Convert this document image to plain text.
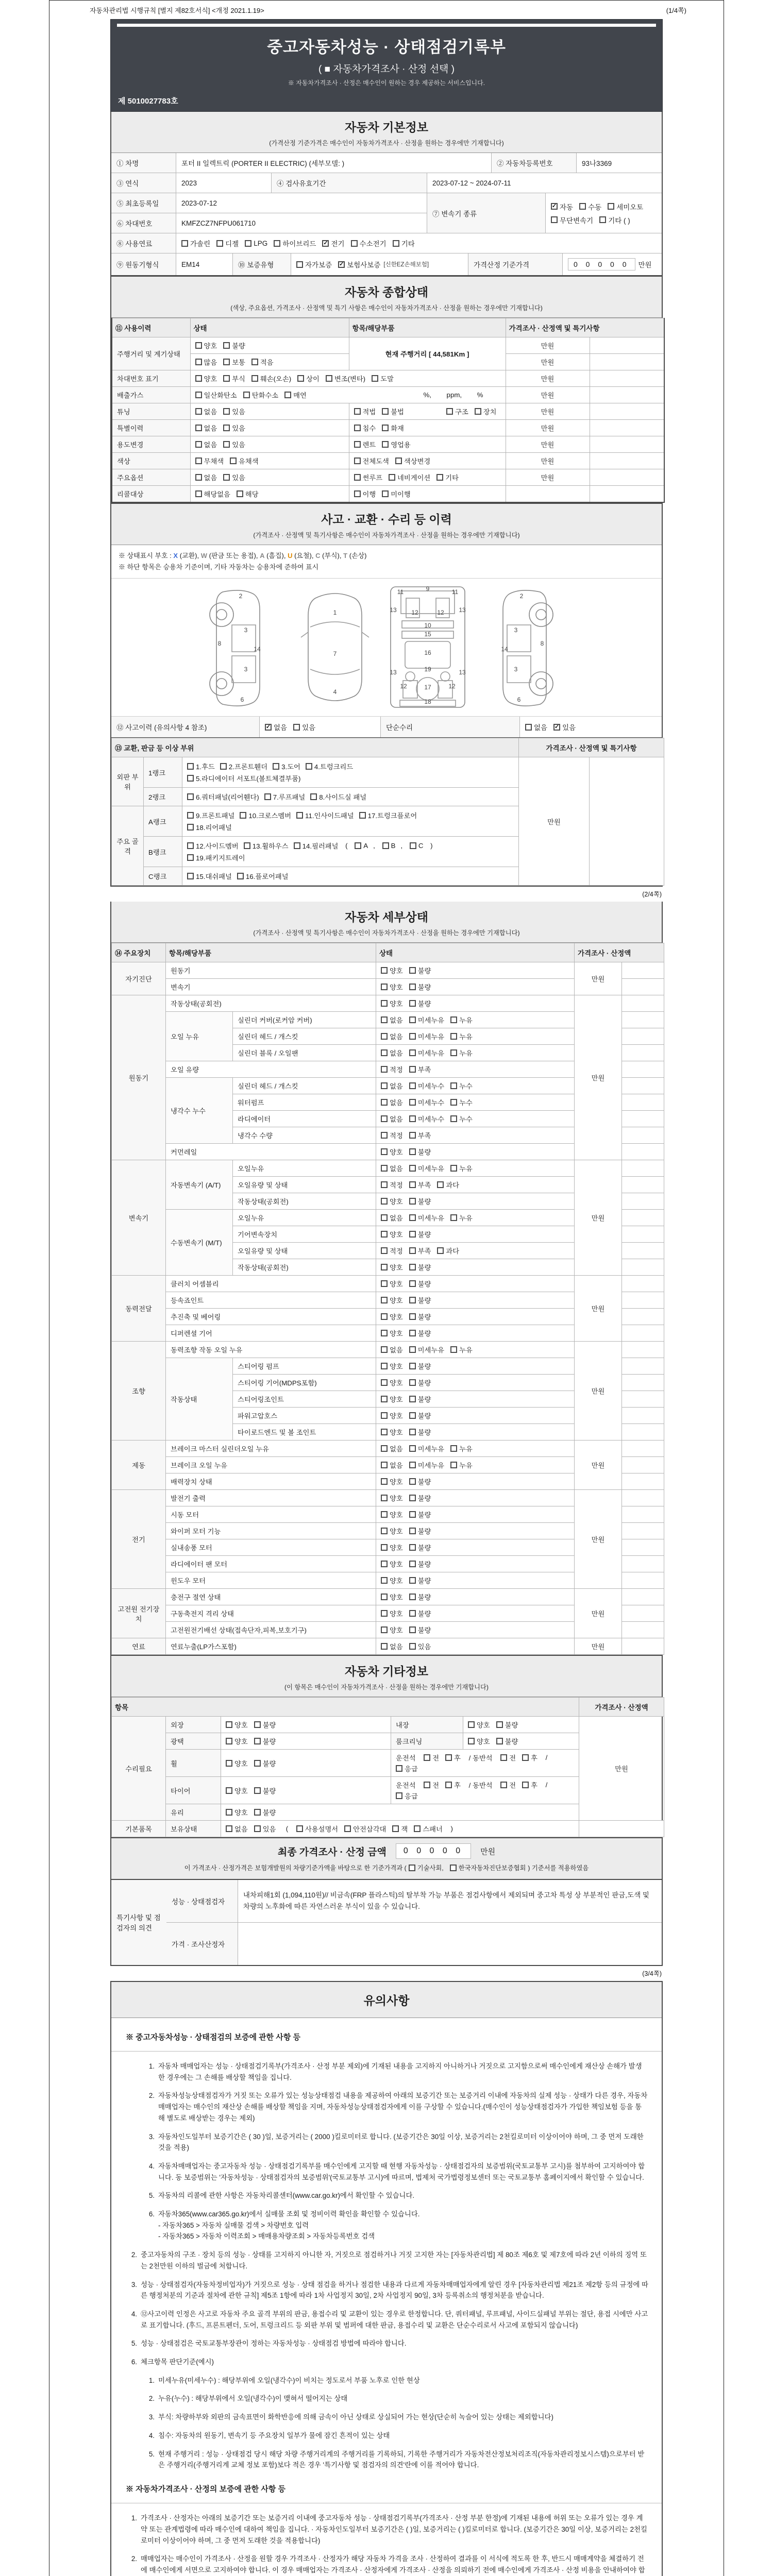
자동차관리법 시행규칙 [별지 제82호서식] <개정 2021.1.19>	(1/4쪽)
중고자동차성능 · 상태점검기록부
( ■ 자동차가격조사 · 산정 선택 )
※ 자동차가격조사 · 산정은 매수인이 원하는 경우 제공하는 서비스입니다.
제 5010027783호
자동차 기본정보
(가격산정 기준가격은 매수인이 자동차가격조사 · 산정을 원하는 경우에만 기재합니다)
① 차명	포터 II 일렉트릭 (PORTER II ELECTRIC) (세부모델: )	② 자동차등록번호	93나3369
③ 연식	2023	④ 검사유효기간	2023-07-12 ~ 2024-07-11
⑤ 최초등록일	2023-07-12
⑥ 차대번호	KMFZCZ7NFPU061710
⑦ 변속기 종류
✓ 자동 수동 세미오토
무단변속기 기타 ( )
⑧ 사용연료	가솔린 디젤 LPG 하이브리드 ✓ 전기 수소전기 기타
⑨ 원동기형식	EM14	⑩ 보증유형	자가보증 ✓ 보험사보증 [신한EZ손해보험]	가격산정 기준가격	0 0 0 0 0	만원
자동차 종합상태
(색상, 주요옵션, 가격조사 · 산정액 및 특기 사항은 매수인이 자동차가격조사 · 산정을 원하는 경우에만 기재합니다)
⑪ 사용이력	상태	항목/해당부품	가격조사 · 산정액 및 특기사항	
주행거리 및 계기상태	양호 불량	현재 주행거리 [ 44,581Km ]	만원	

	많음 보통 적음		만원	
차대번호 표기	양호 부식 훼손(오손) 상이 변조(변타) 도말	만원	
배출가스	일산화탄소 탄화수소 매연 %,        ppm,        %		만원	
튜닝	없음 있음	적법 불법 구조 장치	만원	
특별이력	없음 있음	침수 화재	만원	
용도변경	없음 있음	렌트 영업용	만원	
색상	무채색 유채색	전체도색 색상변경	만원	
주요옵션	없음 있음	썬루프 네비게이션 기타	만원	
리콜대상	해당없음 해당	이행 미이행		

사고 · 교환 · 수리 등 이력
(가격조사 · 산정액 및 특기사항은 매수인이 자동차가격조사 · 산정을 원하는 경우에만 기재합니다)
※ 상태표시 부호 : X (교환), W (판금 또는 용접), A (흠집), U (요철), C (부식), T (손상)
※ 하단 항목은 승용차 기준이며, 기타 자동차는 승용차에 준하여 표시
2
8
3
14
3
6
1
7
4
11	9	11
13 12	12 13
10
15
16
19
13	13
12	17	12
18
2
3
8
14
3
6
⑫ 사고이력 (유의사항 4 참조)	✓ 없음 있음	단순수리	없음 ✓ 있음
⑬ 교환, 판금 등 이상 부위			가격조사 · 산정액 및 특기사항	
외판 부위	1랭크	1.후드 2.프론트휀더 3.도어 4.트렁크리드
5.라디에이터 서포트(볼트체결부품)	만원	
	2랭크	6.쿼터패널(리어휀다) 7.루프패널 8.사이드실 패널		

주요 골격	A랭크	9.프론트패널 10.크로스멤버 11.인사이드패널 17.트렁크플로어
18.리어패널		

B랭크	
12.사이드멤버 13.휠하우스 14.필러패널 ( A , B , C )
19.패키지트레이

	C랭크	15.대쉬패널 16.플로어패널		
(2/4쪽)
자동차 세부상태
(가격조사 · 산정액 및 특기사항은 매수인이 자동차가격조사 · 산정을 원하는 경우에만 기재합니다)
⑭ 주요장치	항목/해당부품		상태	가격조사 · 산정액	
자기진단	원동기		양호 불량	만원	
	변속기		양호 불량		

원동기	작동상태(공회전)		양호 불량	만원	
	오일 누유	실린더 커버(로커암 커버)	없음 미세누유 누유		

		실린더 헤드 / 개스킷	없음 미세누유 누유		

		실린더 블록 / 오일팬	없음 미세누유 누유		

	오일 유량		적정 부족		

	냉각수 누수	실린더 헤드 / 개스킷	없음 미세누수 누수		

		워터펌프	없음 미세누수 누수		

		라디에이터	없음 미세누수 누수		

		냉각수 수량	적정 부족		

	커먼레일		양호 불량		

변속기	자동변속기 (A/T)	오일누유	없음 미세누유 누유	만원	
		오일유량 및 상태	적정 부족 과다		

		작동상태(공회전)	양호 불량		

	수동변속기 (M/T)	오일누유	없음 미세누유 누유		

		기어변속장치	양호 불량		

		오일유량 및 상태	적정 부족 과다		

		작동상태(공회전)	양호 불량		

동력전달	클러치 어셈블리		양호 불량	만원	
	등속죠인트		양호 불량		

	추진축 및 베어링		양호 불량		

	디퍼렌셜 기어		양호 불량		

조향	동력조향 작동 오일 누유		없음 미세누유 누유	만원	
	작동상태	스티어링 펌프	양호 불량		

		스티어링 기어(MDPS포함)	양호 불량		

		스티어링조인트	양호 불량		

		파워고압호스	양호 불량		

		타이로드엔드 및 볼 조인트	양호 불량		

제동	브레이크 마스터 실린더오일 누유		없음 미세누유 누유	만원	
	브레이크 오일 누유		없음 미세누유 누유		

	배력장치 상태		양호 불량		

전기	발전기 출력		양호 불량	만원	
	시동 모터		양호 불량		

	와이퍼 모터 기능		양호 불량		

	실내송풍 모터		양호 불량		

	라디에이터 팬 모터		양호 불량		

	윈도우 모터		양호 불량		

고전원 전기장치	충전구 절연 상태		양호 불량	만원	
	구동축전지 격리 상태		양호 불량		

	고전원전기배선 상태(접속단자,피복,보호기구)		양호 불량		

연료	연료누출(LP가스포함)		없음 있음	만원	
자동차 기타정보
(이 항목은 매수인이 자동차가격조사 · 산정을 원하는 경우에만 기재합니다)
항목					가격조사 · 산정액
수리필요	외장	양호 불량	내장	양호 불량	만원
	광택	양호 불량	룸크리닝	양호 불량	

휠	양호 불량

운전석 전 후 / 동반석 전 후 /
응급

타이어	양호 불량

운전석 전 후 / 동반석 전 후 /
응급

	유리	양호 불량			

기본품목	보유상태	없음 있음 ( 사용설명서 안전삼각대 잭 스패너 )

최종 가격조사 · 산정 금액	0 0 0 0 0	만원
이 가격조사 · 산정가격은 보험개발원의 차량기준가액을 바탕으로 한 기준가격과 ( 기술사회, 한국자동차진단보증협회 ) 기준서를 적용하였음
특기사항 및 점검자의 의견
성능 · 상태점검자
내차피해1회 (1,094,110원)// 비금속(FRP 플라스틱)의 탈부착 가능 부품은 점검사항에서 제외되며 중고차 특성 상 부분적인 판금,도색 및 차량의 노후화에 따른 자연스러운 부식이 있을 수 있습니다.
가격 · 조사산정자
(3/4쪽)
유의사항
※ 중고자동차성능 · 상태점검의 보증에 관한 사항 등
1. 자동차 매매업자는 성능 · 상태점검기록부(가격조사 · 산정 부분 제외)에 기재된 내용을 고지하지 아니하거나 거짓으로 고지함으로써 매수인에게 재산상 손해가 발생한 경우에는 그 손해를 배상할 책임을 집니다.
2. 자동차성능상태점검자가 거짓 또는 오류가 있는 성능상태점검 내용을 제공하여 아래의 보증기간 또는 보증거리 이내에 자동차의 실제 성능 · 상태가 다른 경우, 자동차매매업자는 매수인의 재산상 손해를 배상할 책임을 지며, 자동차성능상태점검자에게 이를 구상할 수 있습니다.(매수인이 성능상태점검자가 가입한 책임보험 등을 통해 별도로 배상받는 경우는 제외)
3. 자동차인도일부터 보증기간은 ( 30 )일, 보증거리는 ( 2000 )킬로미터로 합니다. (보증기간은 30일 이상, 보증거리는 2천킬로미터 이상이어야 하며, 그 중 먼저 도래한 것을 적용)
4. 자동차매매업자는 중고자동차 성능 · 상태점검기록부를 매수인에게 고지할 때 현행 자동차성능 · 상태점검자의 보증범위(국토교통부 고시)를 첨부하여 고지하여야 합니다. 동 보증범위는 '자동차성능 · 상태점검자의 보증범위'(국토교통부 고시)에 따르며, 법제처 국가법령정보센터 또는 국토교통부 홈페이지에서 확인할 수 있습니다.
5. 자동차의 리콜에 관한 사항은 자동차리콜센터(www.car.go.kr)에서 확인할 수 있습니다.
6. 자동차365(www.car365.go.kr)에서 실매물 조회 및 정비이력 확인을 확인할 수 있습니다.
- 자동차365 > 자동차 실매물 검색 > 차량번호 입력
- 자동차365 > 자동차 이력조회 > 매매용차량조회 > 자동차등록번호 검색
2. 중고자동차의 구조 · 장치 등의 성능 · 상태를 고지하지 아니한 자, 거짓으로 점검하거나 거짓 고지한 자는 [자동차관리법] 제 80조 제6호 및 제7호에 따라 2년 이하의 징역 또는 2천만원 이하의 벌금에 처합니다.
3. 성능 · 상태점검자(자동차정비업자)가 거짓으로 성능 · 상태 점검을 하거나 점검한 내용과 다르게 자동차매매업자에게 알린 경우 [자동차관리법 제21조 제2항 등의 규정에 따른 행정처분의 기준과 절차에 관한 규칙] 제5조 1항에 따라 1차 사업정지 30일, 2차 사업정지 90일, 3차 등록취소의 행정처분을 받습니다.
4. ⑫사고이력 인정은 사고로 자동차 주요 골격 부위의 판금, 용접수리 및 교환이 있는 경우로 한정합니다. 단, 쿼터패널, 루프패널, 사이드실패널 부위는 절단, 용접 시에만 사고로 표기합니다. (후드, 프론트펜더, 도어, 트렁크리드 등 외판 부위 및 범퍼에 대한 판금, 용접수리 및 교환은 단순수리로서 사고에 포함되지 않습니다)
5. 성능 · 상태점검은 국토교통부장관이 정하는 자동차성능 · 상태점검 방법에 따라야 합니다.
6. 체크항목 판단기준(예시)
1. 미세누유(미세누수) : 해당부위에 오일(냉각수)이 비치는 정도로서 부품 노후로 인한 현상
2. 누유(누수) : 해당부위에서 오일(냉각수)이 맺혀서 떨어지는 상태
3. 부식: 차량하부와 외판의 금속표면이 화학반응에 의해 금속이 아닌 상태로 상실되어 가는 현상(단순히 녹슬어 있는 상태는 제외합니다)
4. 침수: 자동차의 원동기, 변속기 등 주요장치 일부가 물에 잠긴 흔적이 있는 상태
5. 현재 주행거리 : 성능 · 상태점검 당시 해당 차량 주행거리계의 주행거리를 기록하되, 기록한 주행거리가 자동차전산정보처리조직(자동차관리정보시스템)으로부터 받은 주행거리(주행거리계 교체 정보 포함)보다 적은 경우 '특기사항 및 점검자의 의견'란에 이를 적어야 합니다.
※ 자동차가격조사 · 산정의 보증에 관한 사항 등
1. 가격조사 · 산정자는 아래의 보증기간 또는 보증거리 이내에 중고자동차 성능 · 상태점검기록부(가격조사 · 산정 부분 한정)에 기재된 내용에 허위 또는 오류가 있는 경우 계약 또는 관계법령에 따라 매수인에 대하여 책임을 집니다. · 자동차인도일부터 보증기간은 ( )일, 보증거리는 ( )킬로미터로 합니다. (보증기간은 30일 이상, 보증거리는 2천킬로미터 이상이어야 하며, 그 중 먼저 도래한 것을 적용합니다)
2. 매매업자는 매수인이 가격조사 · 산정을 원할 경우 가격조사 · 산정자가 해당 자동차 가격을 조사 · 산정하여 결과를 이 서식에 적도록 한 후, 반드시 매매계약을 체결하기 전에 매수인에게 서면으로 고지하여야 합니다. 이 경우 매매업자는 가격조사 · 산정자에게 가격조사 · 산정을 의뢰하기 전에 매수인에게 가격조사 · 산정 비용을 안내하여야 합
